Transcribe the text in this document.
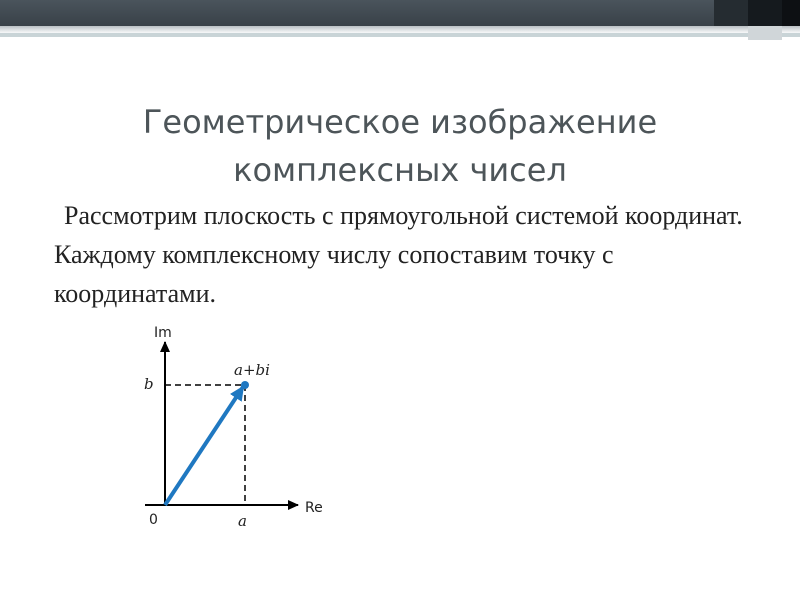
Геометрическое изображение комплексных чисел
Рассмотрим плоскость с прямоугольной системой координат. Каждому комплексному числу сопоставим точку с координатами.
Im
Re
0
a+bi
b
a
